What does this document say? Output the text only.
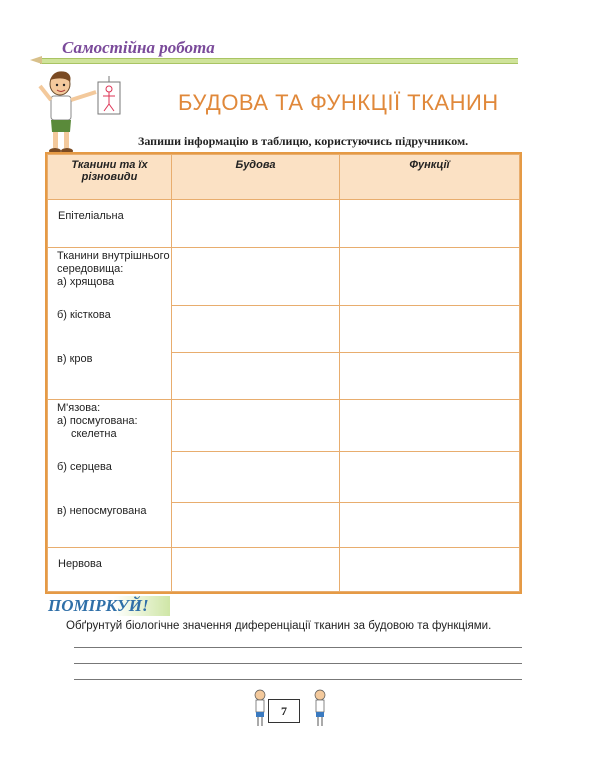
Самостійна робота
БУДОВА ТА ФУНКЦІЇ ТКАНИН
Запиши інформацію в таблицю, користуючись підручником.
Тканини та їх різновиди	Будова	Функції

Епітеліальна		

Тканини внутрішнього середовища:
а) хрящова
б) кісткова
в) кров		

М'язова:
а) посмугована:
скелетна
б) серцева
в) непосмугована		

Нервова		

ПОМІРКУЙ!
Обґрунтуй біологічне значення диференціації тканин за будовою та функціями.
7
